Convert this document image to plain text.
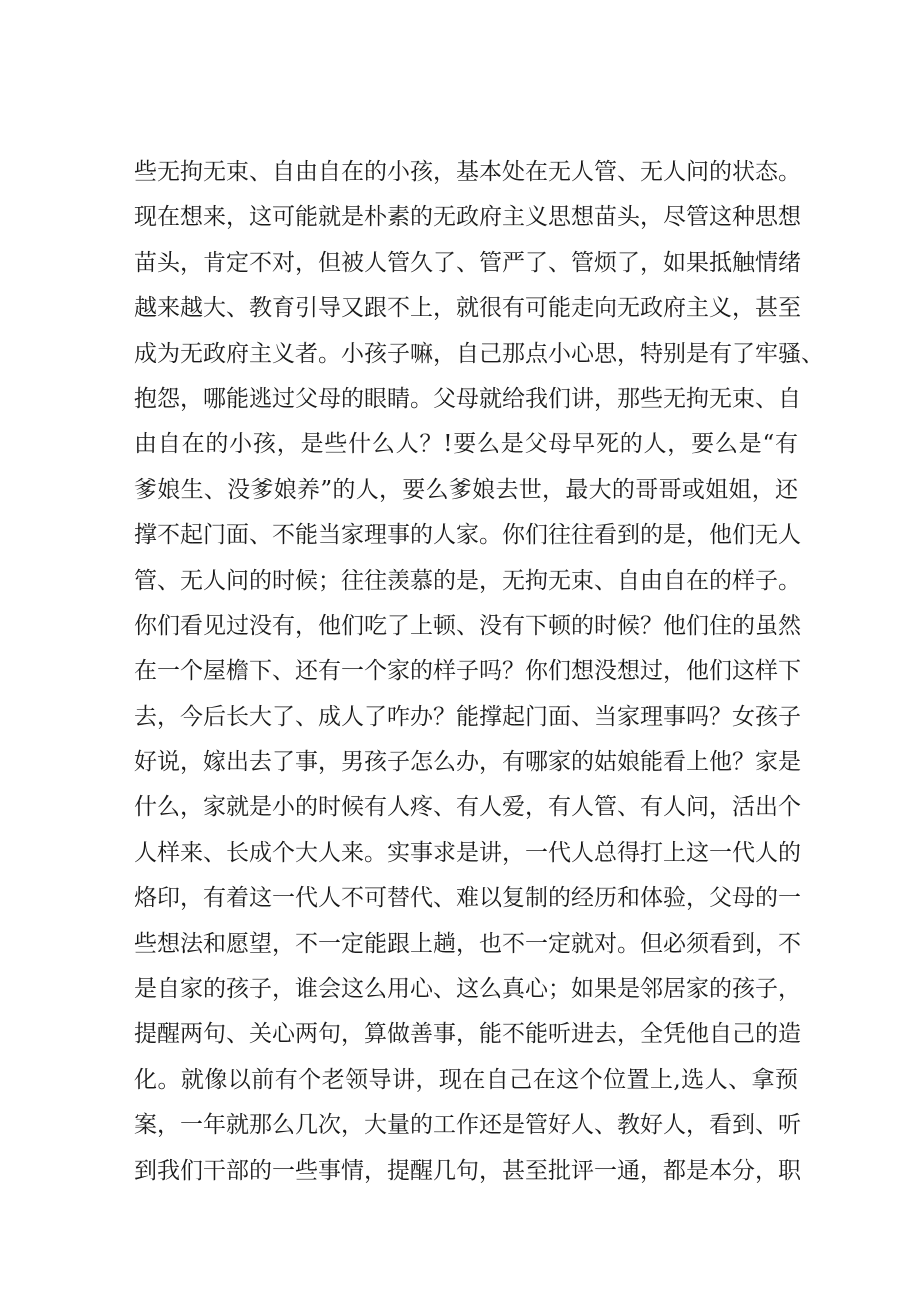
些无拘无束、自由自在的小孩，基本处在无人管、无人问的状态。
现在想来，这可能就是朴素的无政府主义思想苗头，尽管这种思想
苗头，肯定不对，但被人管久了、管严了、管烦了，如果抵触情绪
越来越大、教育引导又跟不上，就很有可能走向无政府主义，甚至
成为无政府主义者。小孩子嘛，自己那点小心思，特别是有了牢骚、
抱怨，哪能逃过父母的眼睛。父母就给我们讲，那些无拘无束、自
由自在的小孩，是些什么人？!要么是父母早死的人，要么是“有
爹娘生、没爹娘养”的人，要么爹娘去世，最大的哥哥或姐姐，还
撑不起门面、不能当家理事的人家。你们往往看到的是，他们无人
管、无人问的时候；往往羡慕的是，无拘无束、自由自在的样子。
你们看见过没有，他们吃了上顿、没有下顿的时候？他们住的虽然
在一个屋檐下、还有一个家的样子吗？你们想没想过，他们这样下
去，今后长大了、成人了咋办？能撑起门面、当家理事吗？女孩子
好说，嫁出去了事，男孩子怎么办，有哪家的姑娘能看上他？家是
什么，家就是小的时候有人疼、有人爱，有人管、有人问，活出个
人样来、长成个大人来。实事求是讲，一代人总得打上这一代人的
烙印，有着这一代人不可替代、难以复制的经历和体验，父母的一
些想法和愿望，不一定能跟上趟，也不一定就对。但必须看到，不
是自家的孩子，谁会这么用心、这么真心；如果是邻居家的孩子，
提醒两句、关心两句，算做善事，能不能听进去，全凭他自己的造
化。就像以前有个老领导讲，现在自己在这个位置上,选人、拿预
案，一年就那么几次，大量的工作还是管好人、教好人，看到、听
到我们干部的一些事情，提醒几句，甚至批评一通，都是本分，职
